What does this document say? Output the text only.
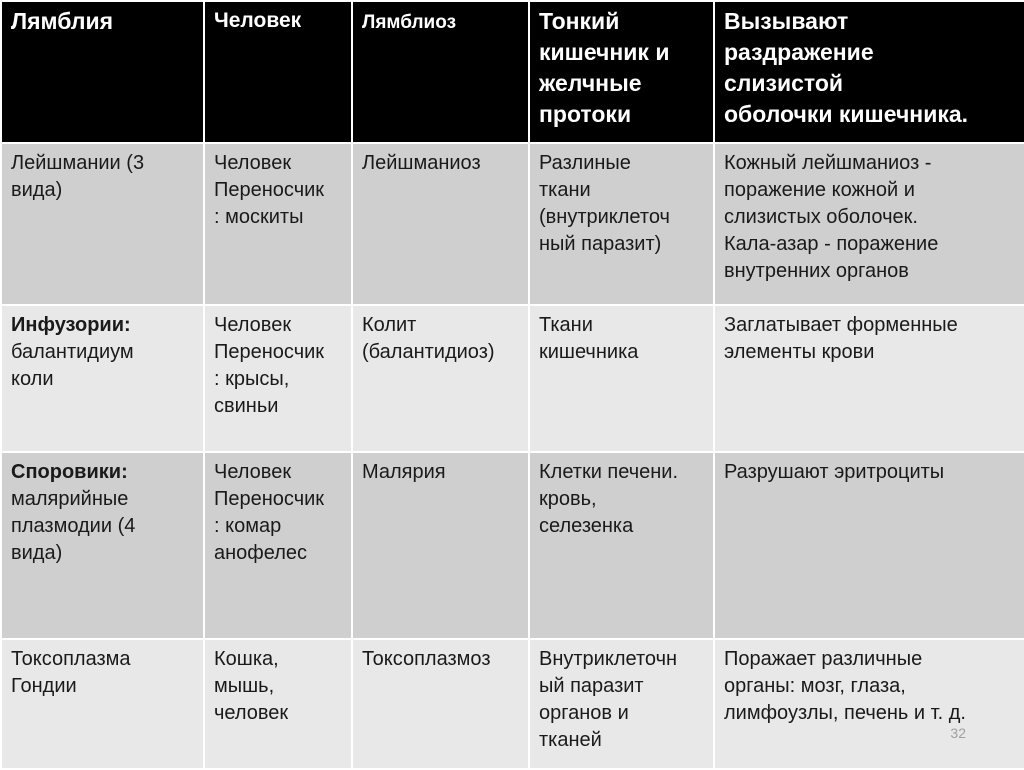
Лямблия	Человек	Лямблиоз	Тонкий
кишечник и
желчные
протоки	Вызывают
раздражение
слизистой
оболочки кишечника.

Лейшмании (3
вида)	Человек
Переносчик
: москиты	Лейшманиоз	Разлиные
ткани
(внутриклеточ
ный паразит)	Кожный лейшманиоз -
поражение кожной и
слизистых оболочек.
Кала-азар - поражение
внутренних органов

Инфузории:
балантидиум
коли	Человек
Переносчик
: крысы,
свиньи	Колит
(балантидиоз)	Ткани
кишечника	Заглатывает форменные
элементы крови

Споровики:
малярийные
плазмодии (4
вида)	Человек
Переносчик
: комар
анофелес	Малярия	Клетки печени.
кровь,
селезенка	Разрушают эритроциты

Токсоплазма
Гондии	Кошка,
мышь,
человек	Токсоплазмоз	Внутриклеточн
ый паразит
органов и
тканей	Поражает различные
органы: мозг, глаза,
лимфоузлы, печень и т. д.
32
